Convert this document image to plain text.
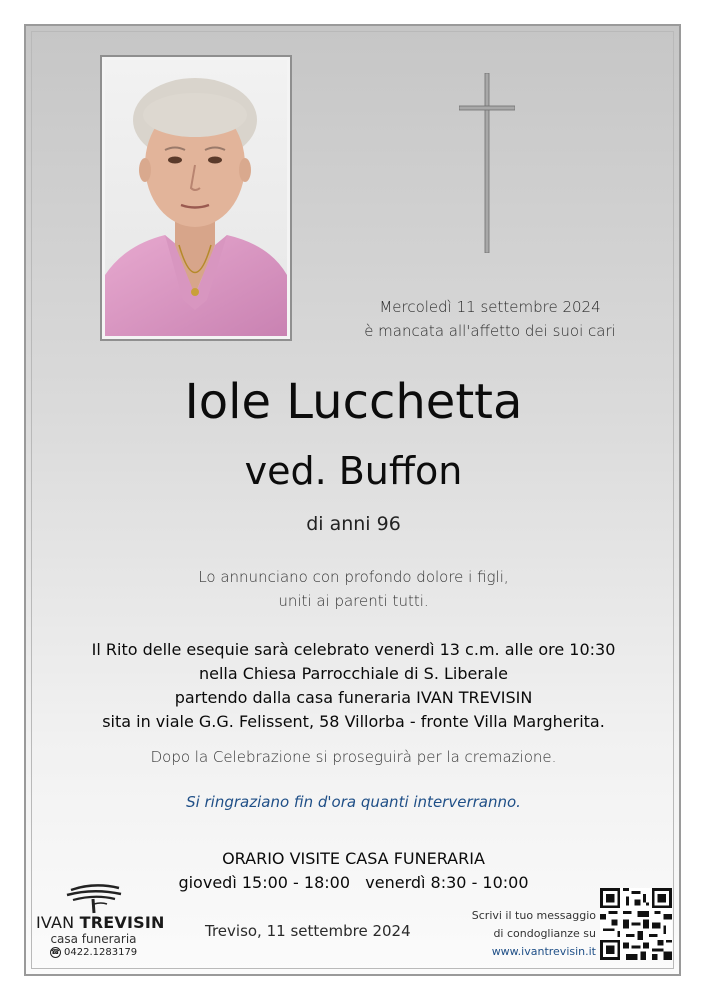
Mercoledì 11 settembre 2024

è mancata all'affetto dei suoi cari

Iole Lucchetta

ved. Buffon

di anni 96

Lo annunciano con profondo dolore i figli,

uniti ai parenti tutti.

Il Rito delle esequie sarà celebrato venerdì 13 c.m. alle ore 10:30

nella Chiesa Parrocchiale di S. Liberale

partendo dalla casa funeraria IVAN TREVISIN

sita in viale G.G. Felissent, 58 Villorba - fronte Villa Margherita.

Dopo la Celebrazione si proseguirà per la cremazione.

Si ringraziano fin d'ora quanti interverranno.

ORARIO VISITE CASA FUNERARIA

giovedì 15:00 - 18:00   venerdì 8:30 - 10:00

IVAN TREVISIN
casa funeraria
☎ 0422.1283179
Treviso, 11 settembre 2024
Scrivi il tuo messaggio
di condoglianze su
www.ivantrevisin.it
